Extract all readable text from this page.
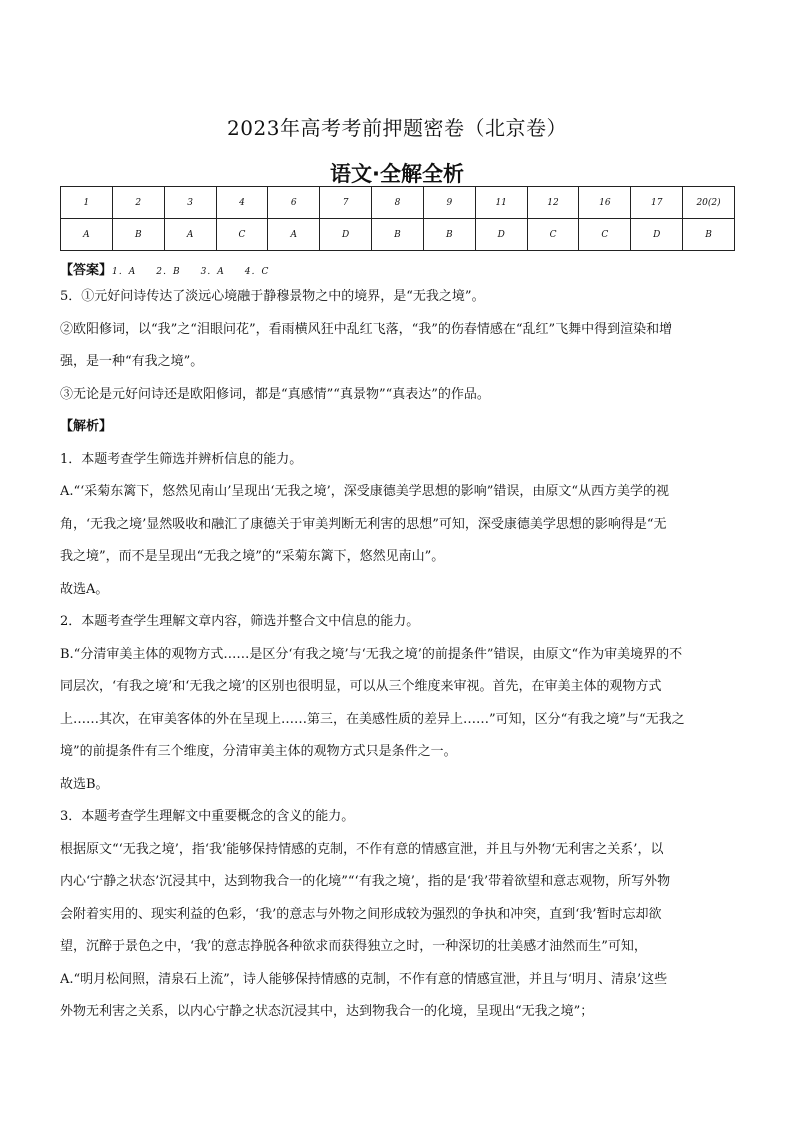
2023年高考考前押题密卷（北京卷）
语文·全解全析
1	2	3	4	6	7	8	9	11	12	16	17	20(2)
A	B	A	C	A	D	B	B	D	C	C	D	B
【答案】1．A　　2．B　　3．A　　4．C
5．①元好问诗传达了淡远心境融于静穆景物之中的境界，是“无我之境”。
②欧阳修词，以“我”之“泪眼问花”，看雨横风狂中乱红飞落，“我”的伤春情感在“乱红”飞舞中得到渲染和增
强，是一种“有我之境”。
③无论是元好问诗还是欧阳修词，都是“真感情”“真景物”“真表达”的作品。
【解析】
1．本题考查学生筛选并辨析信息的能力。
A.“‘采菊东篱下，悠然见南山’呈现出‘无我之境’，深受康德美学思想的影响”错误，由原文“从西方美学的视
角，‘无我之境’显然吸收和融汇了康德关于审美判断无利害的思想”可知，深受康德美学思想的影响得是“无
我之境”，而不是呈现出“无我之境”的“采菊东篱下，悠然见南山”。
故选A。
2．本题考查学生理解文章内容，筛选并整合文中信息的能力。
B.“分清审美主体的观物方式……是区分‘有我之境’与‘无我之境’的前提条件”错误，由原文“作为审美境界的不
同层次，‘有我之境’和‘无我之境’的区别也很明显，可以从三个维度来审视。首先，在审美主体的观物方式
上……其次，在审美客体的外在呈现上……第三，在美感性质的差异上……”可知，区分“有我之境”与“无我之
境”的前提条件有三个维度，分清审美主体的观物方式只是条件之一。
故选B。
3．本题考查学生理解文中重要概念的含义的能力。
根据原文“‘无我之境’，指‘我’能够保持情感的克制，不作有意的情感宣泄，并且与外物‘无利害之关系’，以
内心‘宁静之状态’沉浸其中，达到物我合一的化境”“‘有我之境’，指的是‘我’带着欲望和意志观物，所写外物
会附着实用的、现实利益的色彩，‘我’的意志与外物之间形成较为强烈的争执和冲突，直到‘我’暂时忘却欲
望，沉醉于景色之中，‘我’的意志挣脱各种欲求而获得独立之时，一种深切的壮美感才油然而生”可知，
A.“明月松间照，清泉石上流”，诗人能够保持情感的克制，不作有意的情感宣泄，并且与‘明月、清泉’这些
外物无利害之关系，以内心宁静之状态沉浸其中，达到物我合一的化境，呈现出“无我之境”；
